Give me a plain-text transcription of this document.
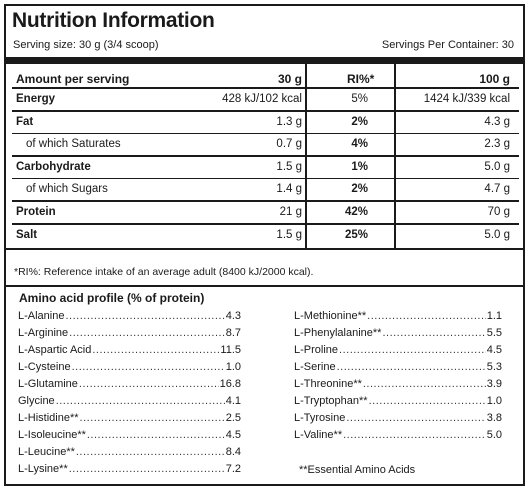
Nutrition Information
Serving size: 30 g (3/4 scoop)	Servings Per Container: 30
Amount per serving	30 g	RI%*	100 g
Energy	428 kJ/102 kcal	5%	1424 kJ/339 kcal
Fat	1.3 g	2%	4.3 g
of which Saturates	0.7 g	4%	2.3 g
Carbohydrate	1.5 g	1%	5.0 g
of which Sugars	1.4 g	2%	4.7 g
Protein	21 g	42%	70 g
Salt	1.5 g	25%	5.0 g
*RI%: Reference intake of an average adult (8400 kJ/2000 kcal).
Amino acid profile (% of protein)
L-Alanine .....	4.3
L-Arginine .....	8.7
L-Aspartic Acid .....	11.5
L-Cysteine .....	1.0
L-Glutamine .....	16.8
Glycine .....	4.1
L-Histidine** .....	2.5
L-Isoleucine** .....	4.5
L-Leucine** .....	8.4
L-Lysine** .....	7.2
L-Methionine** .....	1.1
L-Phenylalanine** .....	5.5
L-Proline .....	4.5
L-Serine .....	5.3
L-Threonine** .....	3.9
L-Tryptophan** .....	1.0
L-Tyrosine .....	3.8
L-Valine** .....	5.0
**Essential Amino Acids
